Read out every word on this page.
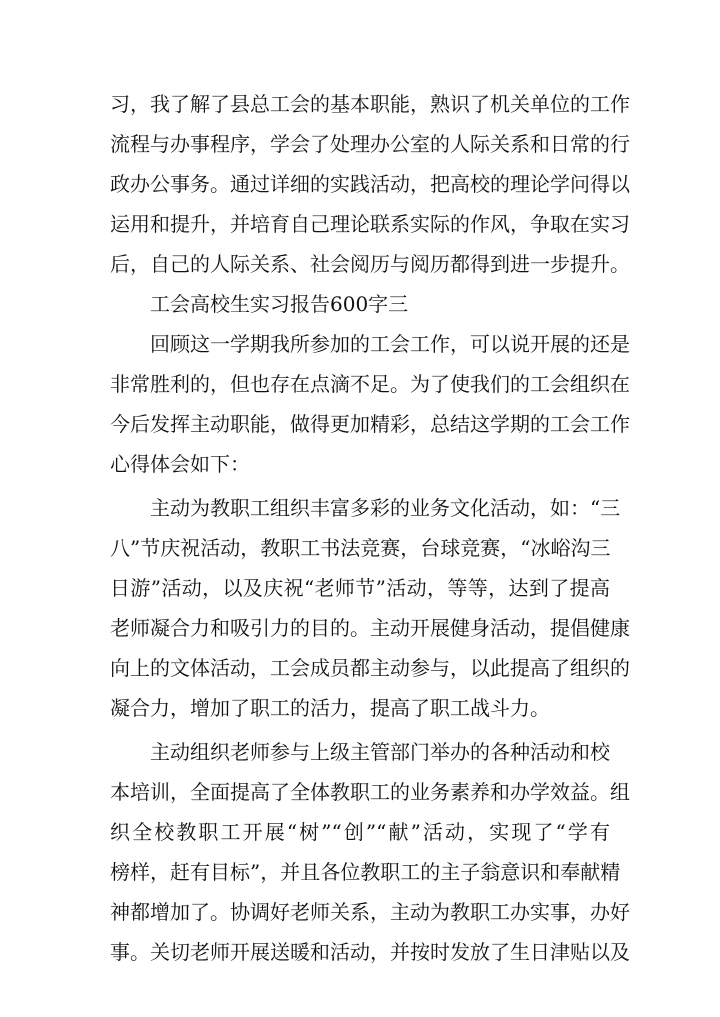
习，我了解了县总工会的基本职能，熟识了机关单位的工作
流程与办事程序，学会了处理办公室的人际关系和日常的行
政办公事务。通过详细的实践活动，把高校的理论学问得以
运用和提升，并培育自己理论联系实际的作风，争取在实习
后，自己的人际关系、社会阅历与阅历都得到进一步提升。
工会高校生实习报告600字三
回顾这一学期我所参加的工会工作，可以说开展的还是
非常胜利的，但也存在点滴不足。为了使我们的工会组织在
今后发挥主动职能，做得更加精彩，总结这学期的工会工作
心得体会如下：
主动为教职工组织丰富多彩的业务文化活动，如：“三
八”节庆祝活动，教职工书法竞赛，台球竞赛，“冰峪沟三
日游”活动，以及庆祝“老师节”活动，等等，达到了提高
老师凝合力和吸引力的目的。主动开展健身活动，提倡健康
向上的文体活动，工会成员都主动参与，以此提高了组织的
凝合力，增加了职工的活力，提高了职工战斗力。
主动组织老师参与上级主管部门举办的各种活动和校
本培训，全面提高了全体教职工的业务素养和办学效益。组
织全校教职工开展“树”“创”“献”活动，实现了“学有
榜样，赶有目标”，并且各位教职工的主子翁意识和奉献精
神都增加了。协调好老师关系，主动为教职工办实事，办好
事。关切老师开展送暖和活动，并按时发放了生日津贴以及
